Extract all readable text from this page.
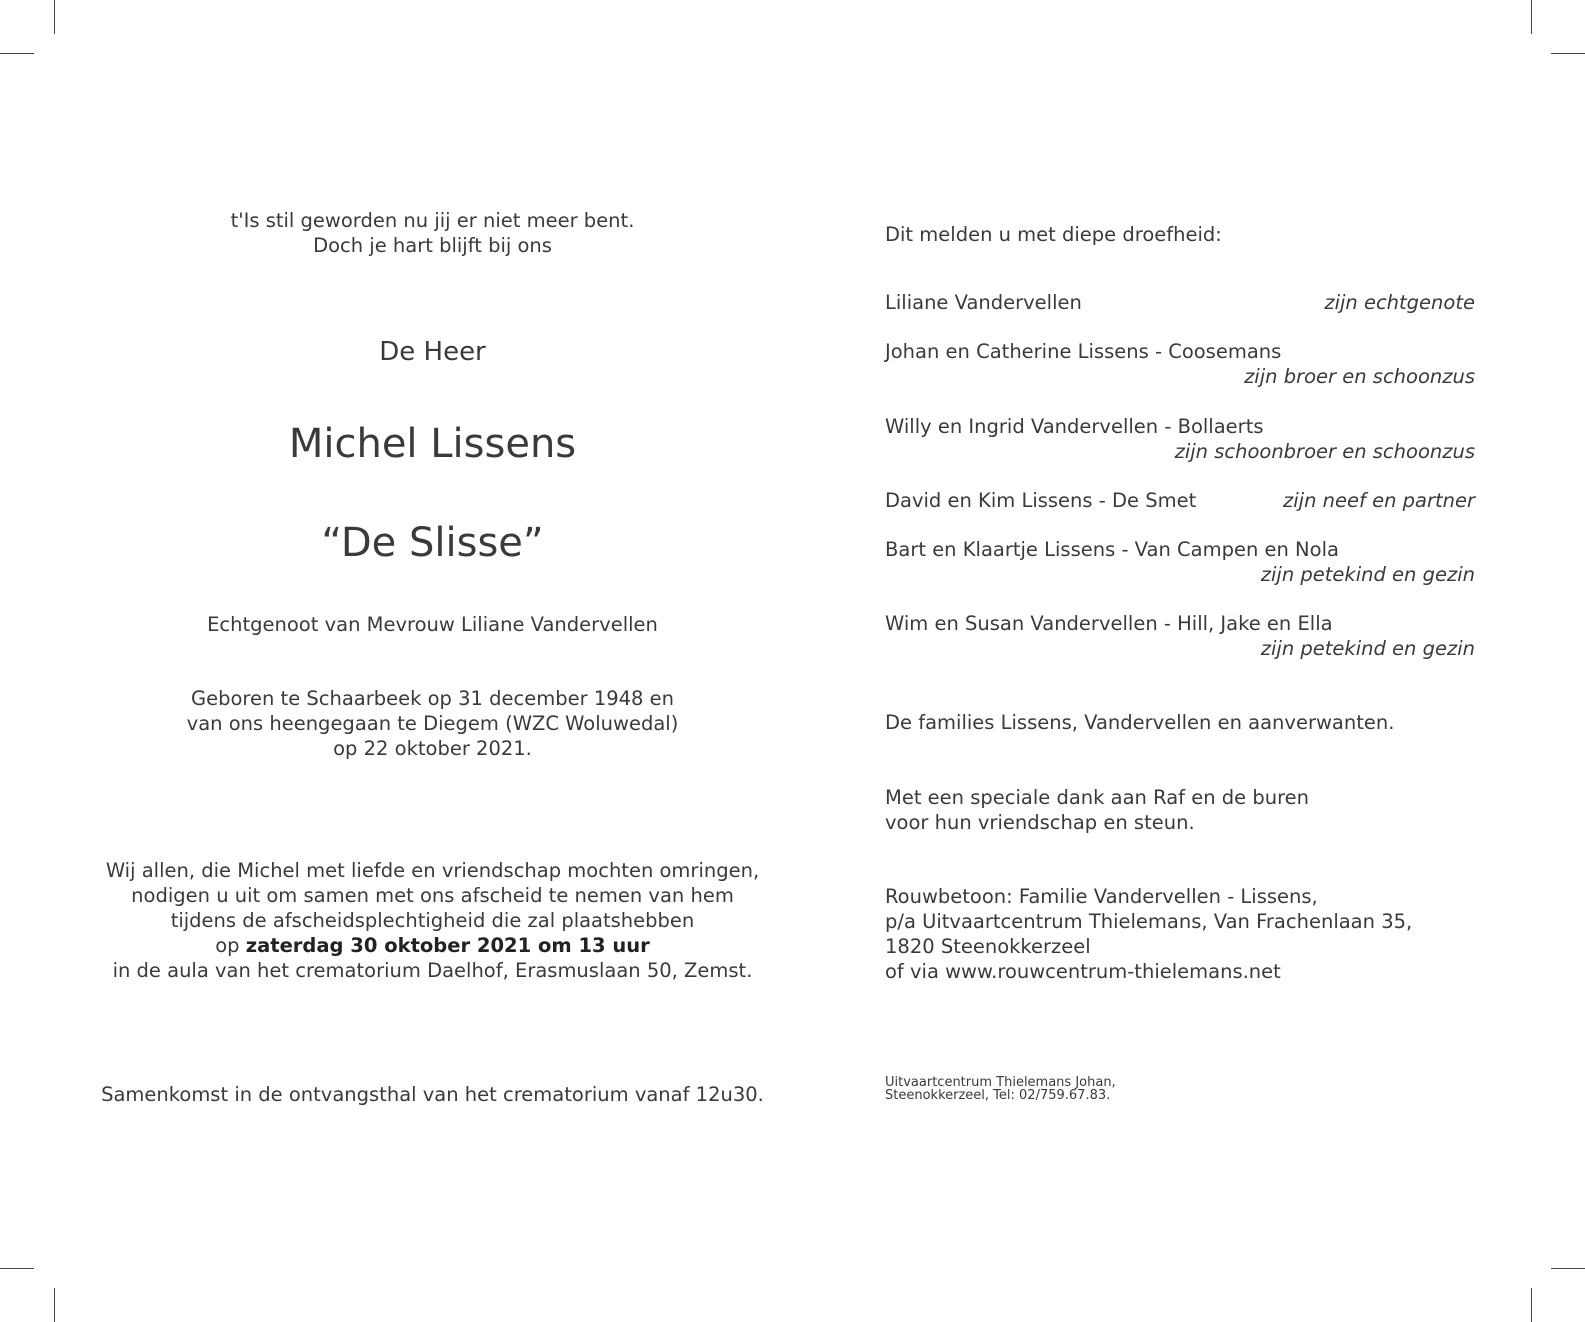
t'Is stil geworden nu jij er niet meer bent.

Doch je hart blijft bij ons

De Heer

Michel Lissens

“De Slisse”

Echtgenoot van Mevrouw Liliane Vandervellen

Geboren te Schaarbeek op 31 december 1948 en

van ons heengegaan te Diegem (WZC Woluwedal)

op 22 oktober 2021.

Wij allen, die Michel met liefde en vriendschap mochten omringen,

nodigen u uit om samen met ons afscheid te nemen van hem

tijdens de afscheidsplechtigheid die zal plaatshebben

op zaterdag 30 oktober 2021 om 13 uur

in de aula van het crematorium Daelhof, Erasmuslaan 50, Zemst.

Samenkomst in de ontvangsthal van het crematorium vanaf 12u30.

Dit melden u met diepe droefheid:

Liliane Vandervellen	zijn echtgenote

Johan en Catherine Lissens - Coosemans

zijn broer en schoonzus

Willy en Ingrid Vandervellen - Bollaerts

zijn schoonbroer en schoonzus

David en Kim Lissens - De Smet	zijn neef en partner

Bart en Klaartje Lissens - Van Campen en Nola

zijn petekind en gezin

Wim en Susan Vandervellen - Hill, Jake en Ella

zijn petekind en gezin

De families Lissens, Vandervellen en aanverwanten.

Met een speciale dank aan Raf en de buren

voor hun vriendschap en steun.

Rouwbetoon: Familie Vandervellen - Lissens,

p/a Uitvaartcentrum Thielemans, Van Frachenlaan 35,

1820 Steenokkerzeel

of via www.rouwcentrum-thielemans.net

Uitvaartcentrum Thielemans Johan,

Steenokkerzeel, Tel: 02/759.67.83.
